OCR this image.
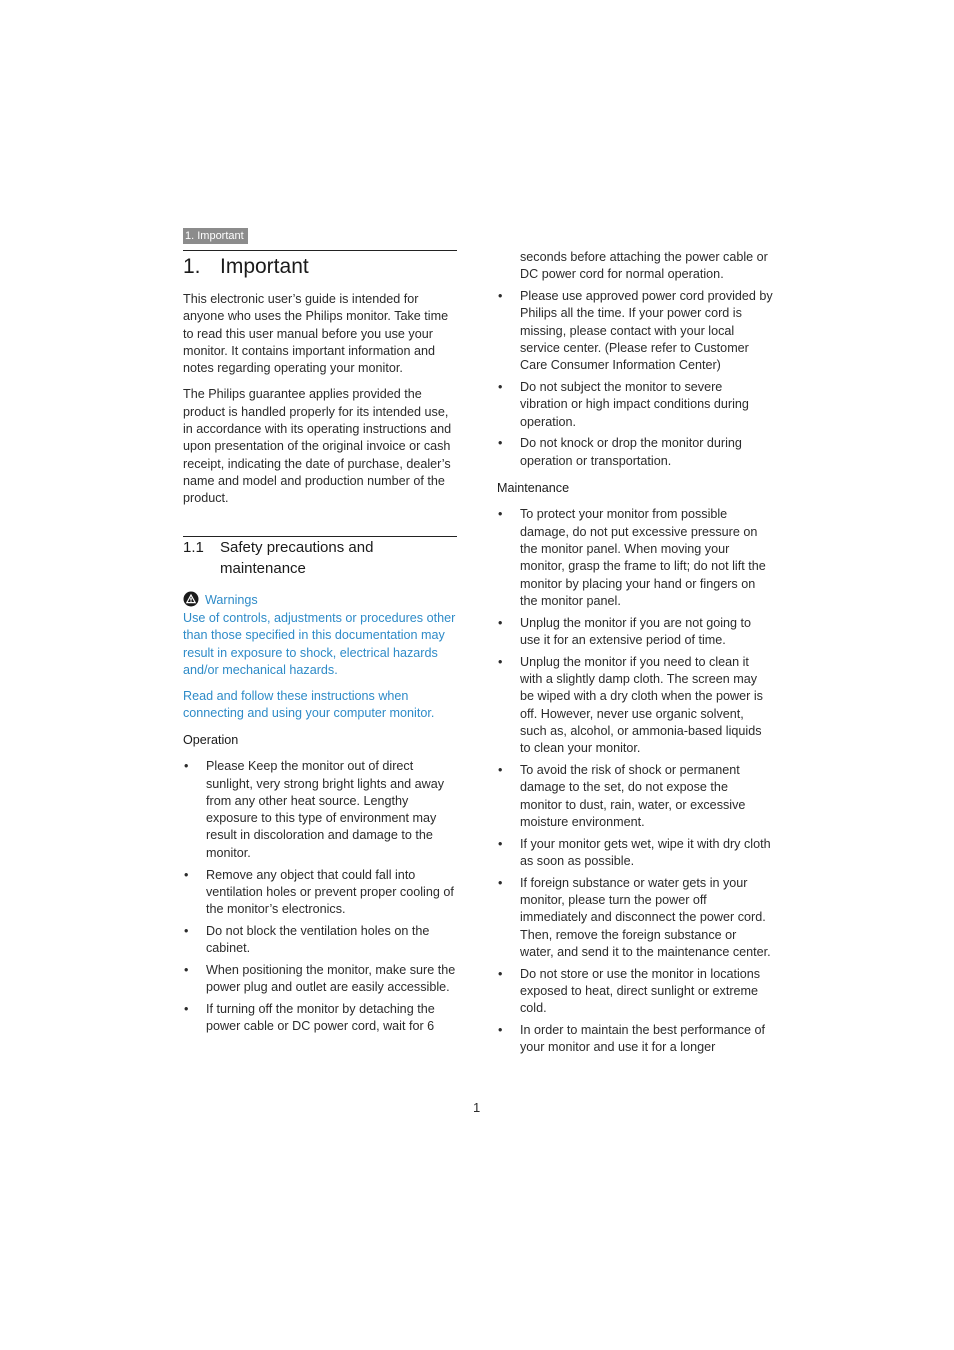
1. Important
1. Important

This electronic user’s guide is intended for anyone who uses the Philips monitor. Take time to read this user manual before you use your monitor. It contains important information and notes regarding operating your monitor.

The Philips guarantee applies provided the product is handled properly for its intended use, in accordance with its operating instructions and upon presentation of the original invoice or cash receipt, indicating the date of purchase, dealer’s name and model and production number of the product.

1.1 Safety precautions and maintenance
Warnings

Use of controls, adjustments or procedures other than those specified in this documentation may result in exposure to shock, electrical hazards and/or mechanical hazards.

Read and follow these instructions when connecting and using your computer monitor.

Operation

• Please Keep the monitor out of direct sunlight, very strong bright lights and away from any other heat source. Lengthy exposure to this type of environment may result in discoloration and damage to the monitor.
• Remove any object that could fall into ventilation holes or prevent proper cooling of the monitor’s electronics.
• Do not block the ventilation holes on the cabinet.
• When positioning the monitor, make sure the power plug and outlet are easily accessible.
• If turning off the monitor by detaching the power cable or DC power cord, wait for 6

seconds before attaching the power cable or DC power cord for normal operation.

• Please use approved power cord provided by Philips all the time. If your power cord is missing, please contact with your local service center. (Please refer to Customer Care Consumer Information Center)
• Do not subject the monitor to severe vibration or high impact conditions during operation.
• Do not knock or drop the monitor during operation or transportation.

Maintenance

• To protect your monitor from possible damage, do not put excessive pressure on the monitor panel. When moving your monitor, grasp the frame to lift; do not lift the monitor by placing your hand or fingers on the monitor panel.
• Unplug the monitor if you are not going to use it for an extensive period of time.
• Unplug the monitor if you need to clean it with a slightly damp cloth. The screen may be wiped with a dry cloth when the power is off. However, never use organic solvent, such as, alcohol, or ammonia-based liquids to clean your monitor.
• To avoid the risk of shock or permanent damage to the set, do not expose the monitor to dust, rain, water, or excessive moisture environment.
• If your monitor gets wet, wipe it with dry cloth as soon as possible.
• If foreign substance or water gets in your monitor, please turn the power off immediately and disconnect the power cord. Then, remove the foreign substance or water, and send it to the maintenance center.
• Do not store or use the monitor in locations exposed to heat, direct sunlight or extreme cold.
• In order to maintain the best performance of your monitor and use it for a longer
1
